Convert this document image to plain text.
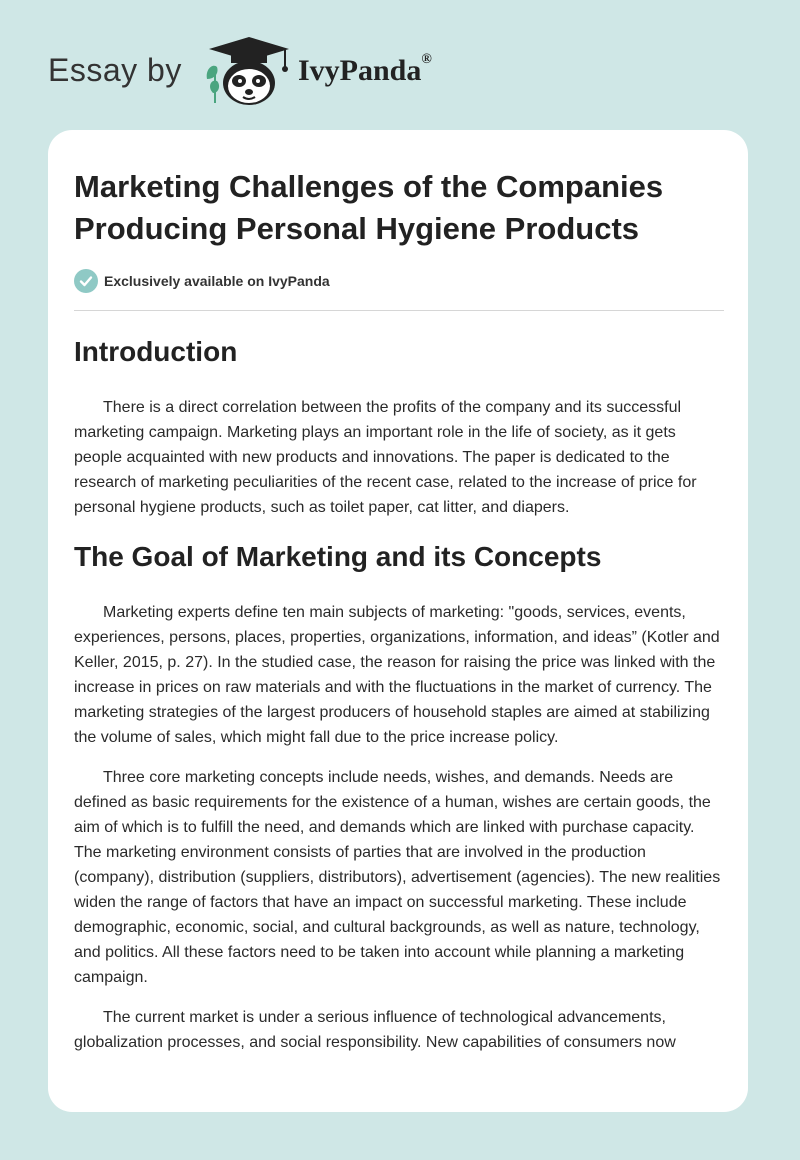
Essay by	IvyPanda®
Marketing Challenges of the Companies Producing Personal Hygiene Products
Exclusively available on IvyPanda
Introduction

There is a direct correlation between the profits of the company and its successful marketing campaign. Marketing plays an important role in the life of society, as it gets people acquainted with new products and innovations. The paper is dedicated to the research of marketing peculiarities of the recent case, related to the increase of price for personal hygiene products, such as toilet paper, cat litter, and diapers.

The Goal of Marketing and its Concepts

Marketing experts define ten main subjects of marketing: "goods, services, events, experiences, persons, places, properties, organizations, information, and ideas” (Kotler and Keller, 2015, p. 27). In the studied case, the reason for raising the price was linked with the increase in prices on raw materials and with the fluctuations in the market of currency. The marketing strategies of the largest producers of household staples are aimed at stabilizing the volume of sales, which might fall due to the price increase policy.

Three core marketing concepts include needs, wishes, and demands. Needs are defined as basic requirements for the existence of a human, wishes are certain goods, the aim of which is to fulfill the need, and demands which are linked with purchase capacity. The marketing environment consists of parties that are involved in the production (company), distribution (suppliers, distributors), advertisement (agencies). The new realities widen the range of factors that have an impact on successful marketing. These include demographic, economic, social, and cultural backgrounds, as well as nature, technology, and politics. All these factors need to be taken into account while planning a marketing campaign.

The current market is under a serious influence of technological advancements, globalization processes, and social responsibility. New capabilities of consumers now
